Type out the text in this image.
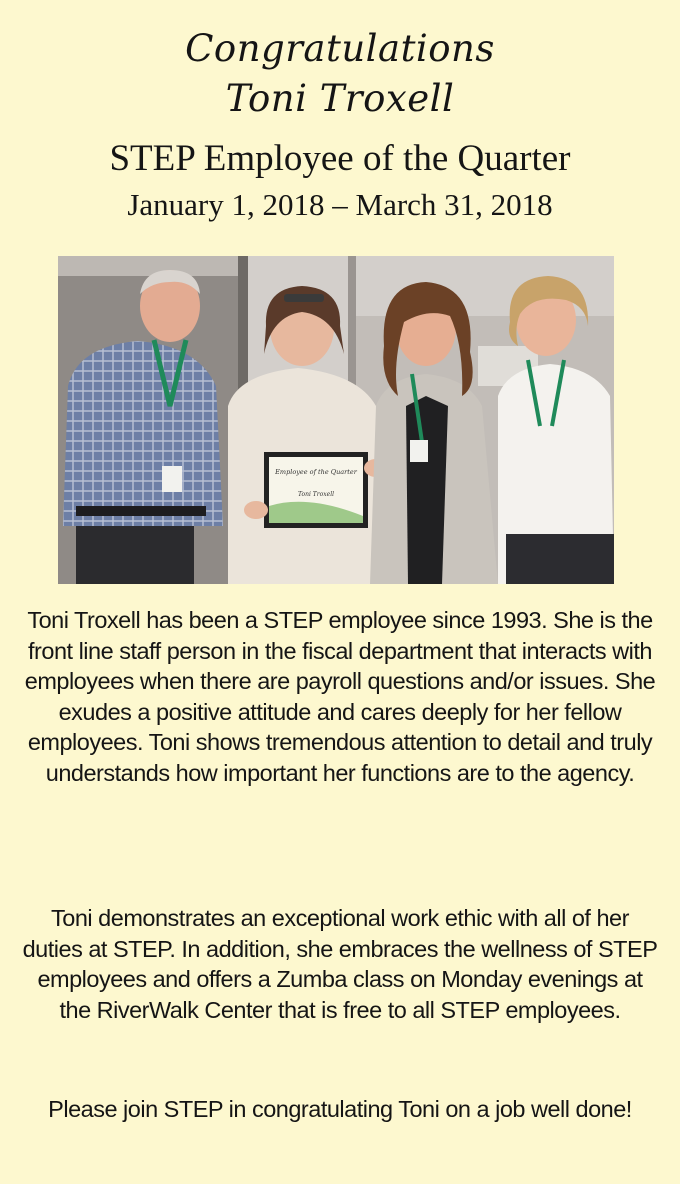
Congratulations
Toni Troxell
STEP Employee of the Quarter
January 1, 2018 – March 31, 2018
Employee of the Quarter
Toni Troxell

Toni Troxell has been a STEP employee since 1993. She is the front line staff person in the fiscal department that interacts with employees when there are payroll questions and/or issues. She exudes a positive attitude and cares deeply for her fellow employees. Toni shows tremendous attention to detail and truly understands how important her functions are to the agency.

Toni demonstrates an exceptional work ethic with all of her duties at STEP. In addition, she embraces the wellness of STEP employees and offers a Zumba class on Monday evenings at the RiverWalk Center that is free to all STEP employees.

Please join STEP in congratulating Toni on a job well done!
